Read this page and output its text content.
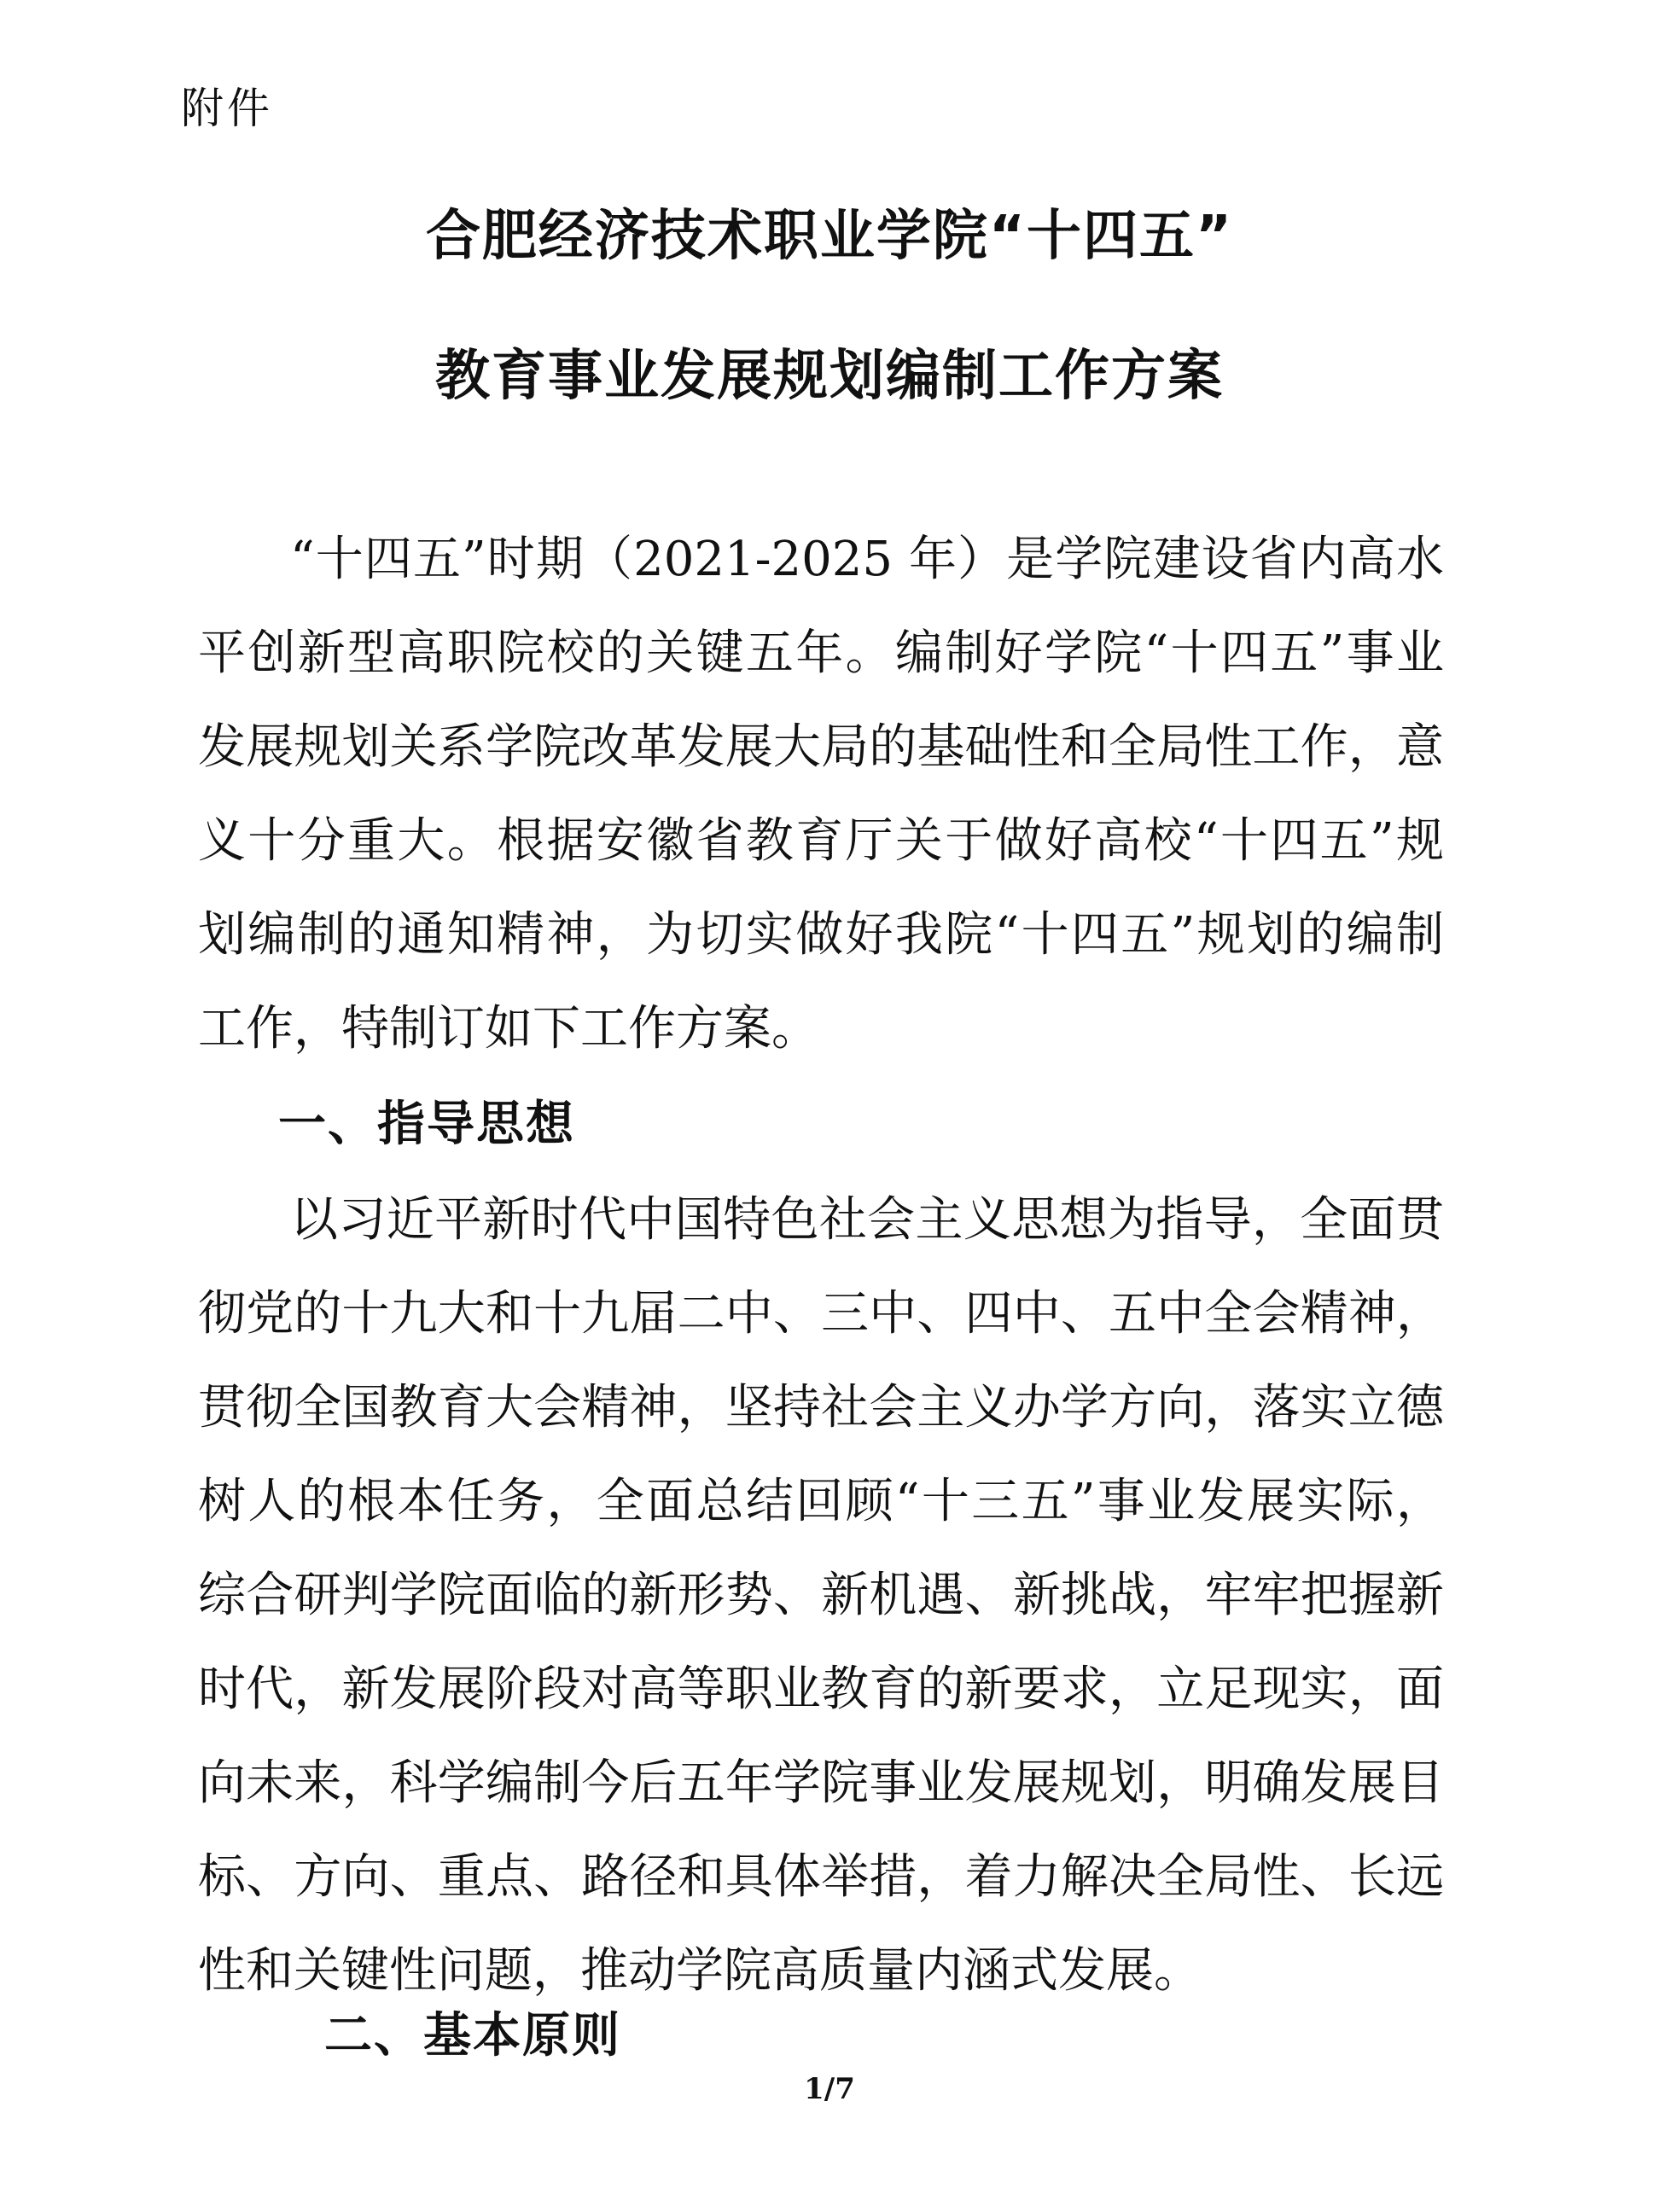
附件
合肥经济技术职业学院“十四五”
教育事业发展规划编制工作方案
“十四五”时期（2021-2025 年）是学院建设省内高水
平创新型高职院校的关键五年。编制好学院“十四五”事业
发展规划关系学院改革发展大局的基础性和全局性工作，意
义十分重大。根据安徽省教育厅关于做好高校“十四五”规
划编制的通知精神，为切实做好我院“十四五”规划的编制
工作，特制订如下工作方案。
一、指导思想
以习近平新时代中国特色社会主义思想为指导，全面贯
彻党的十九大和十九届二中、三中、四中、五中全会精神，
贯彻全国教育大会精神，坚持社会主义办学方向，落实立德
树人的根本任务，全面总结回顾“十三五”事业发展实际，
综合研判学院面临的新形势、新机遇、新挑战，牢牢把握新
时代，新发展阶段对高等职业教育的新要求，立足现实，面
向未来，科学编制今后五年学院事业发展规划，明确发展目
标、方向、重点、路径和具体举措，着力解决全局性、长远
性和关键性问题，推动学院高质量内涵式发展。
二、基本原则
1/7
